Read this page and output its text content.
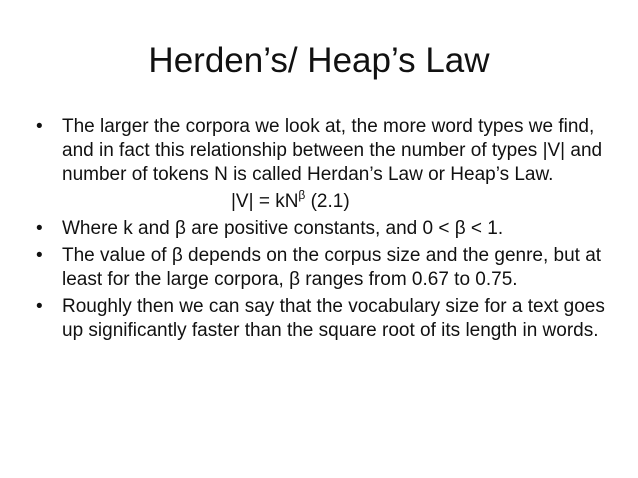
Herden’s/ Heap’s Law
•	The larger the corpora we look at, the more word types we find, and in fact this relationship between the number of types |V| and number of tokens N is called Herdan’s Law or Heap’s Law.
$|V| = kN^\beta$ (2.1)
•	Where k and β are positive constants, and 0 < β < 1.
•	The value of β depends on the corpus size and the genre, but at least for the large corpora, β ranges from 0.67 to 0.75.
•	Roughly then we can say that the vocabulary size for a text goes up significantly faster than the square root of its length in words.
